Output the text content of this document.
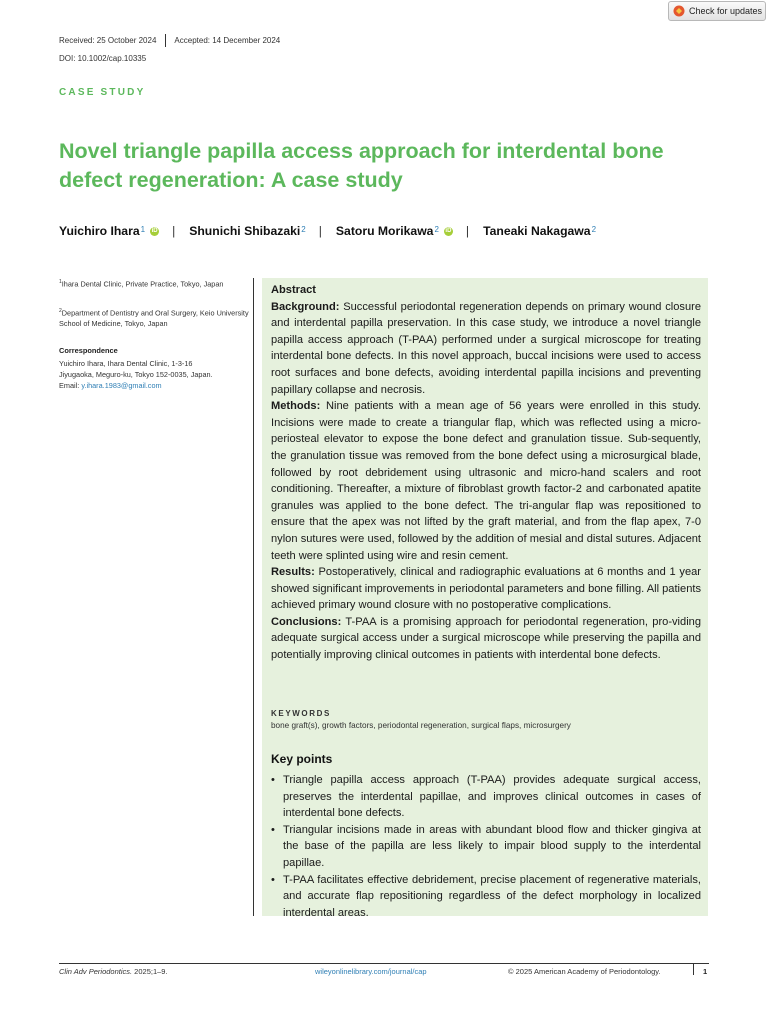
Check for updates
Received: 25 October 2024 Accepted: 14 December 2024
DOI: 10.1002/cap.10335
CASE STUDY
Novel triangle papilla access approach for interdental bone defect regeneration: A case study
Yuichiro Ihara$^1$ iD | Shunichi Shibazaki$^2$ | Satoru Morikawa$^2$ iD | Taneaki Nakagawa$^2$
$^1$Ihara Dental Clinic, Private Practice, Tokyo, Japan
$^2$Department of Dentistry and Oral Surgery, Keio University School of Medicine, Tokyo, Japan
Correspondence
Yuichiro Ihara, Ihara Dental Clinic, 1-3-16
Jiyugaoka, Meguro-ku, Tokyo 152-0035, Japan.
Email: y.ihara.1983@gmail.com

Abstract

Background: Successful periodontal regeneration depends on primary wound closure and interdental papilla preservation. In this case study, we introduce a novel triangle papilla access approach (T-PAA) performed under a surgical microscope for treating interdental bone defects. In this novel approach, buccal incisions were used to access root surfaces and bone defects, avoiding interdental papilla incisions and preventing papillary collapse and necrosis.

Methods: Nine patients with a mean age of 56 years were enrolled in this study. Incisions were made to create a triangular flap, which was reflected using a micro-periosteal elevator to expose the bone defect and granulation tissue. Sub-sequently, the granulation tissue was removed from the bone defect using a microsurgical blade, followed by root debridement using ultrasonic and micro-hand scalers and root conditioning. Thereafter, a mixture of fibroblast growth factor-2 and carbonated apatite granules was applied to the bone defect. The tri-angular flap was repositioned to ensure that the apex was not lifted by the graft material, and from the flap apex, 7-0 nylon sutures were used, followed by the addition of mesial and distal sutures. Adjacent teeth were splinted using wire and resin cement.

Results: Postoperatively, clinical and radiographic evaluations at 6 months and 1 year showed significant improvements in periodontal parameters and bone filling. All patients achieved primary wound closure with no postoperative complications.

Conclusions: T-PAA is a promising approach for periodontal regeneration, pro-viding adequate surgical access under a surgical microscope while preserving the papilla and potentially improving clinical outcomes in patients with interdental bone defects.

KEYWORDS
bone graft(s), growth factors, periodontal regeneration, surgical flaps, microsurgery
Key points
• Triangle papilla access approach (T-PAA) provides adequate surgical access, preserves the interdental papillae, and improves clinical outcomes in cases of interdental bone defects.
• Triangular incisions made in areas with abundant blood flow and thicker gingiva at the base of the papilla are less likely to impair blood supply to the interdental papillae.
• T-PAA facilitates effective debridement, precise placement of regenerative materials, and accurate flap repositioning regardless of the defect morphology in localized interdental areas.
Clin Adv Periodontics. 2025;1–9.	wileyonlinelibrary.com/journal/cap	© 2025 American Academy of Periodontology.	1
